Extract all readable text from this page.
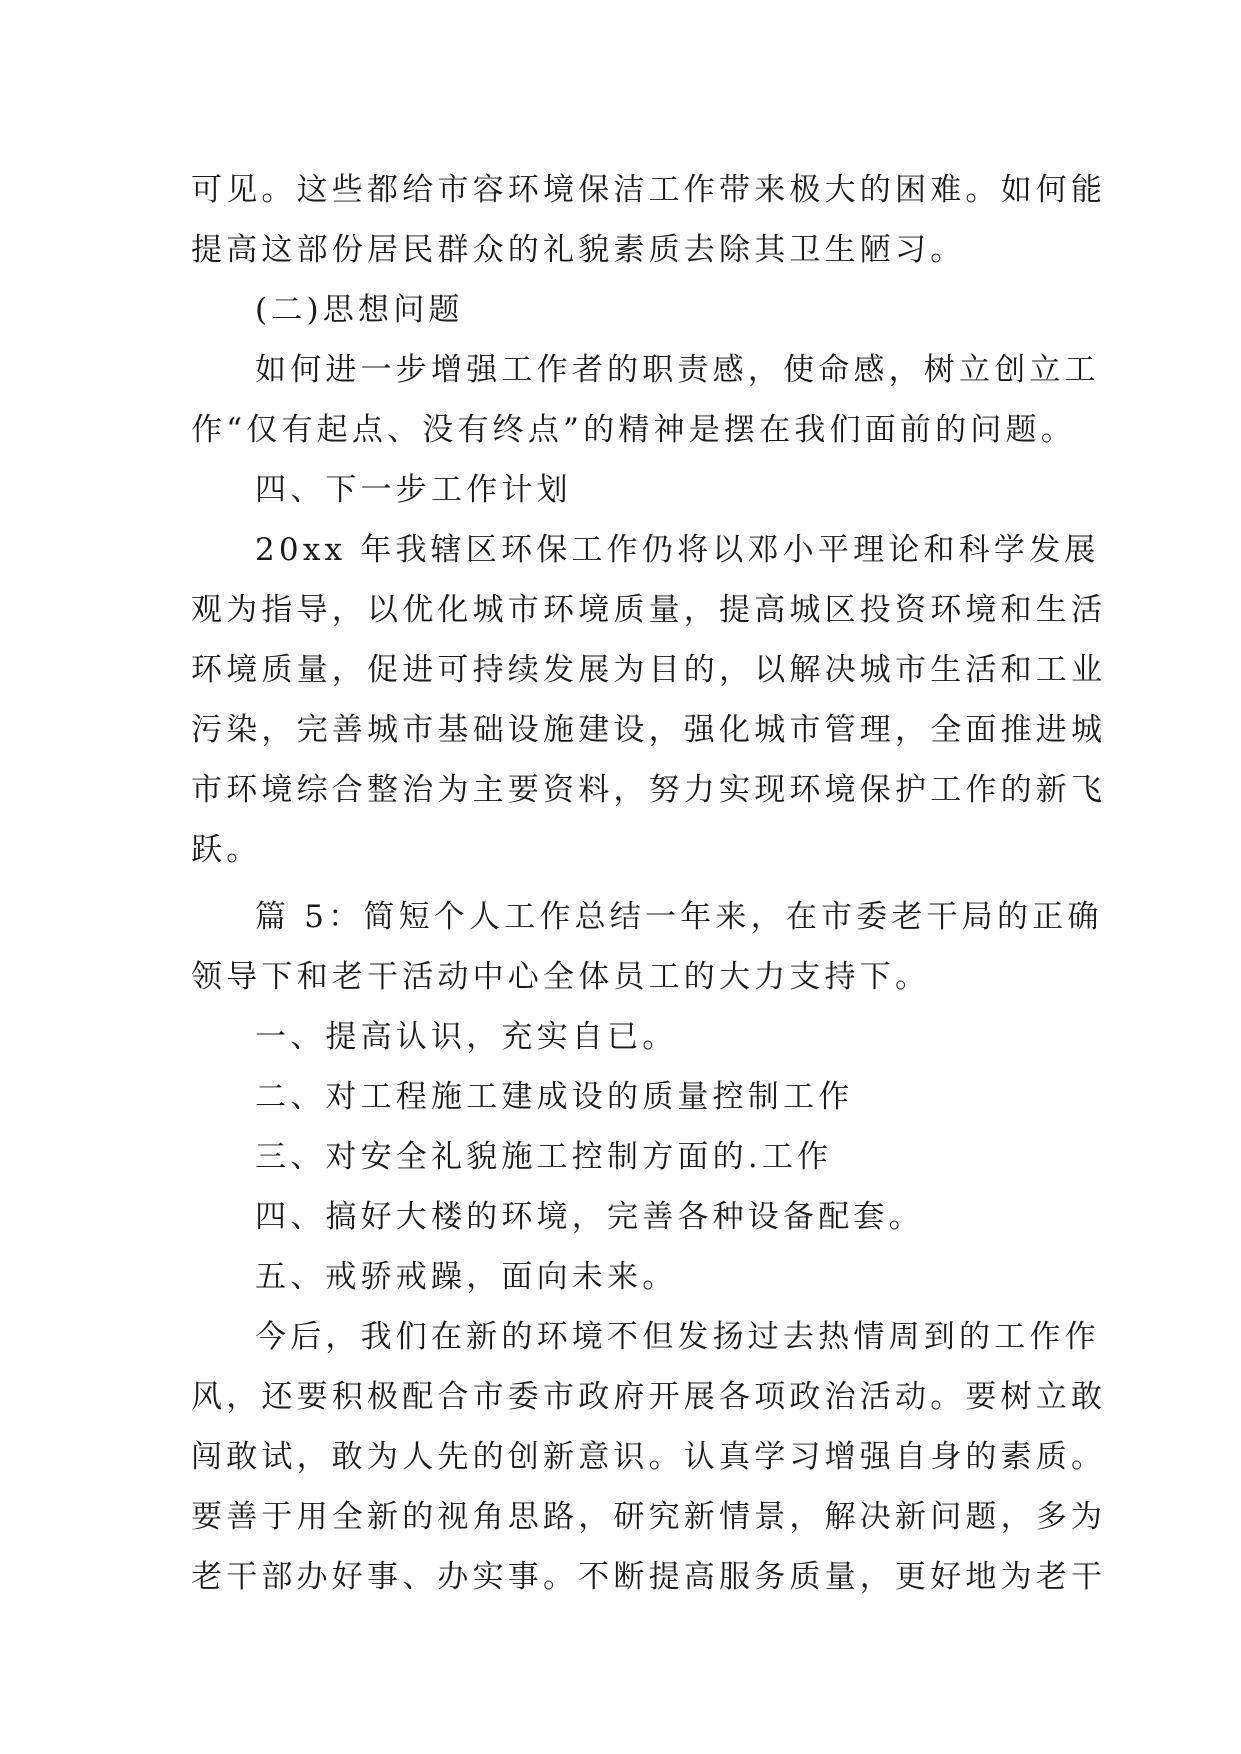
可见。这些都给市容环境保洁工作带来极大的困难。如何能
提高这部份居民群众的礼貌素质去除其卫生陋习。
(二)思想问题
如何进一步增强工作者的职责感，使命感，树立创立工
作“仅有起点、没有终点”的精神是摆在我们面前的问题。
四、下一步工作计划
20xx 年我辖区环保工作仍将以邓小平理论和科学发展
观为指导，以优化城市环境质量，提高城区投资环境和生活
环境质量，促进可持续发展为目的，以解决城市生活和工业
污染，完善城市基础设施建设，强化城市管理，全面推进城
市环境综合整治为主要资料，努力实现环境保护工作的新飞
跃。
篇 5：简短个人工作总结一年来，在市委老干局的正确
领导下和老干活动中心全体员工的大力支持下。
一、提高认识，充实自已。
二、对工程施工建成设的质量控制工作
三、对安全礼貌施工控制方面的.工作
四、搞好大楼的环境，完善各种设备配套。
五、戒骄戒躁，面向未来。
今后，我们在新的环境不但发扬过去热情周到的工作作
风，还要积极配合市委市政府开展各项政治活动。要树立敢
闯敢试，敢为人先的创新意识。认真学习增强自身的素质。
要善于用全新的视角思路，研究新情景，解决新问题，多为
老干部办好事、办实事。不断提高服务质量，更好地为老干
